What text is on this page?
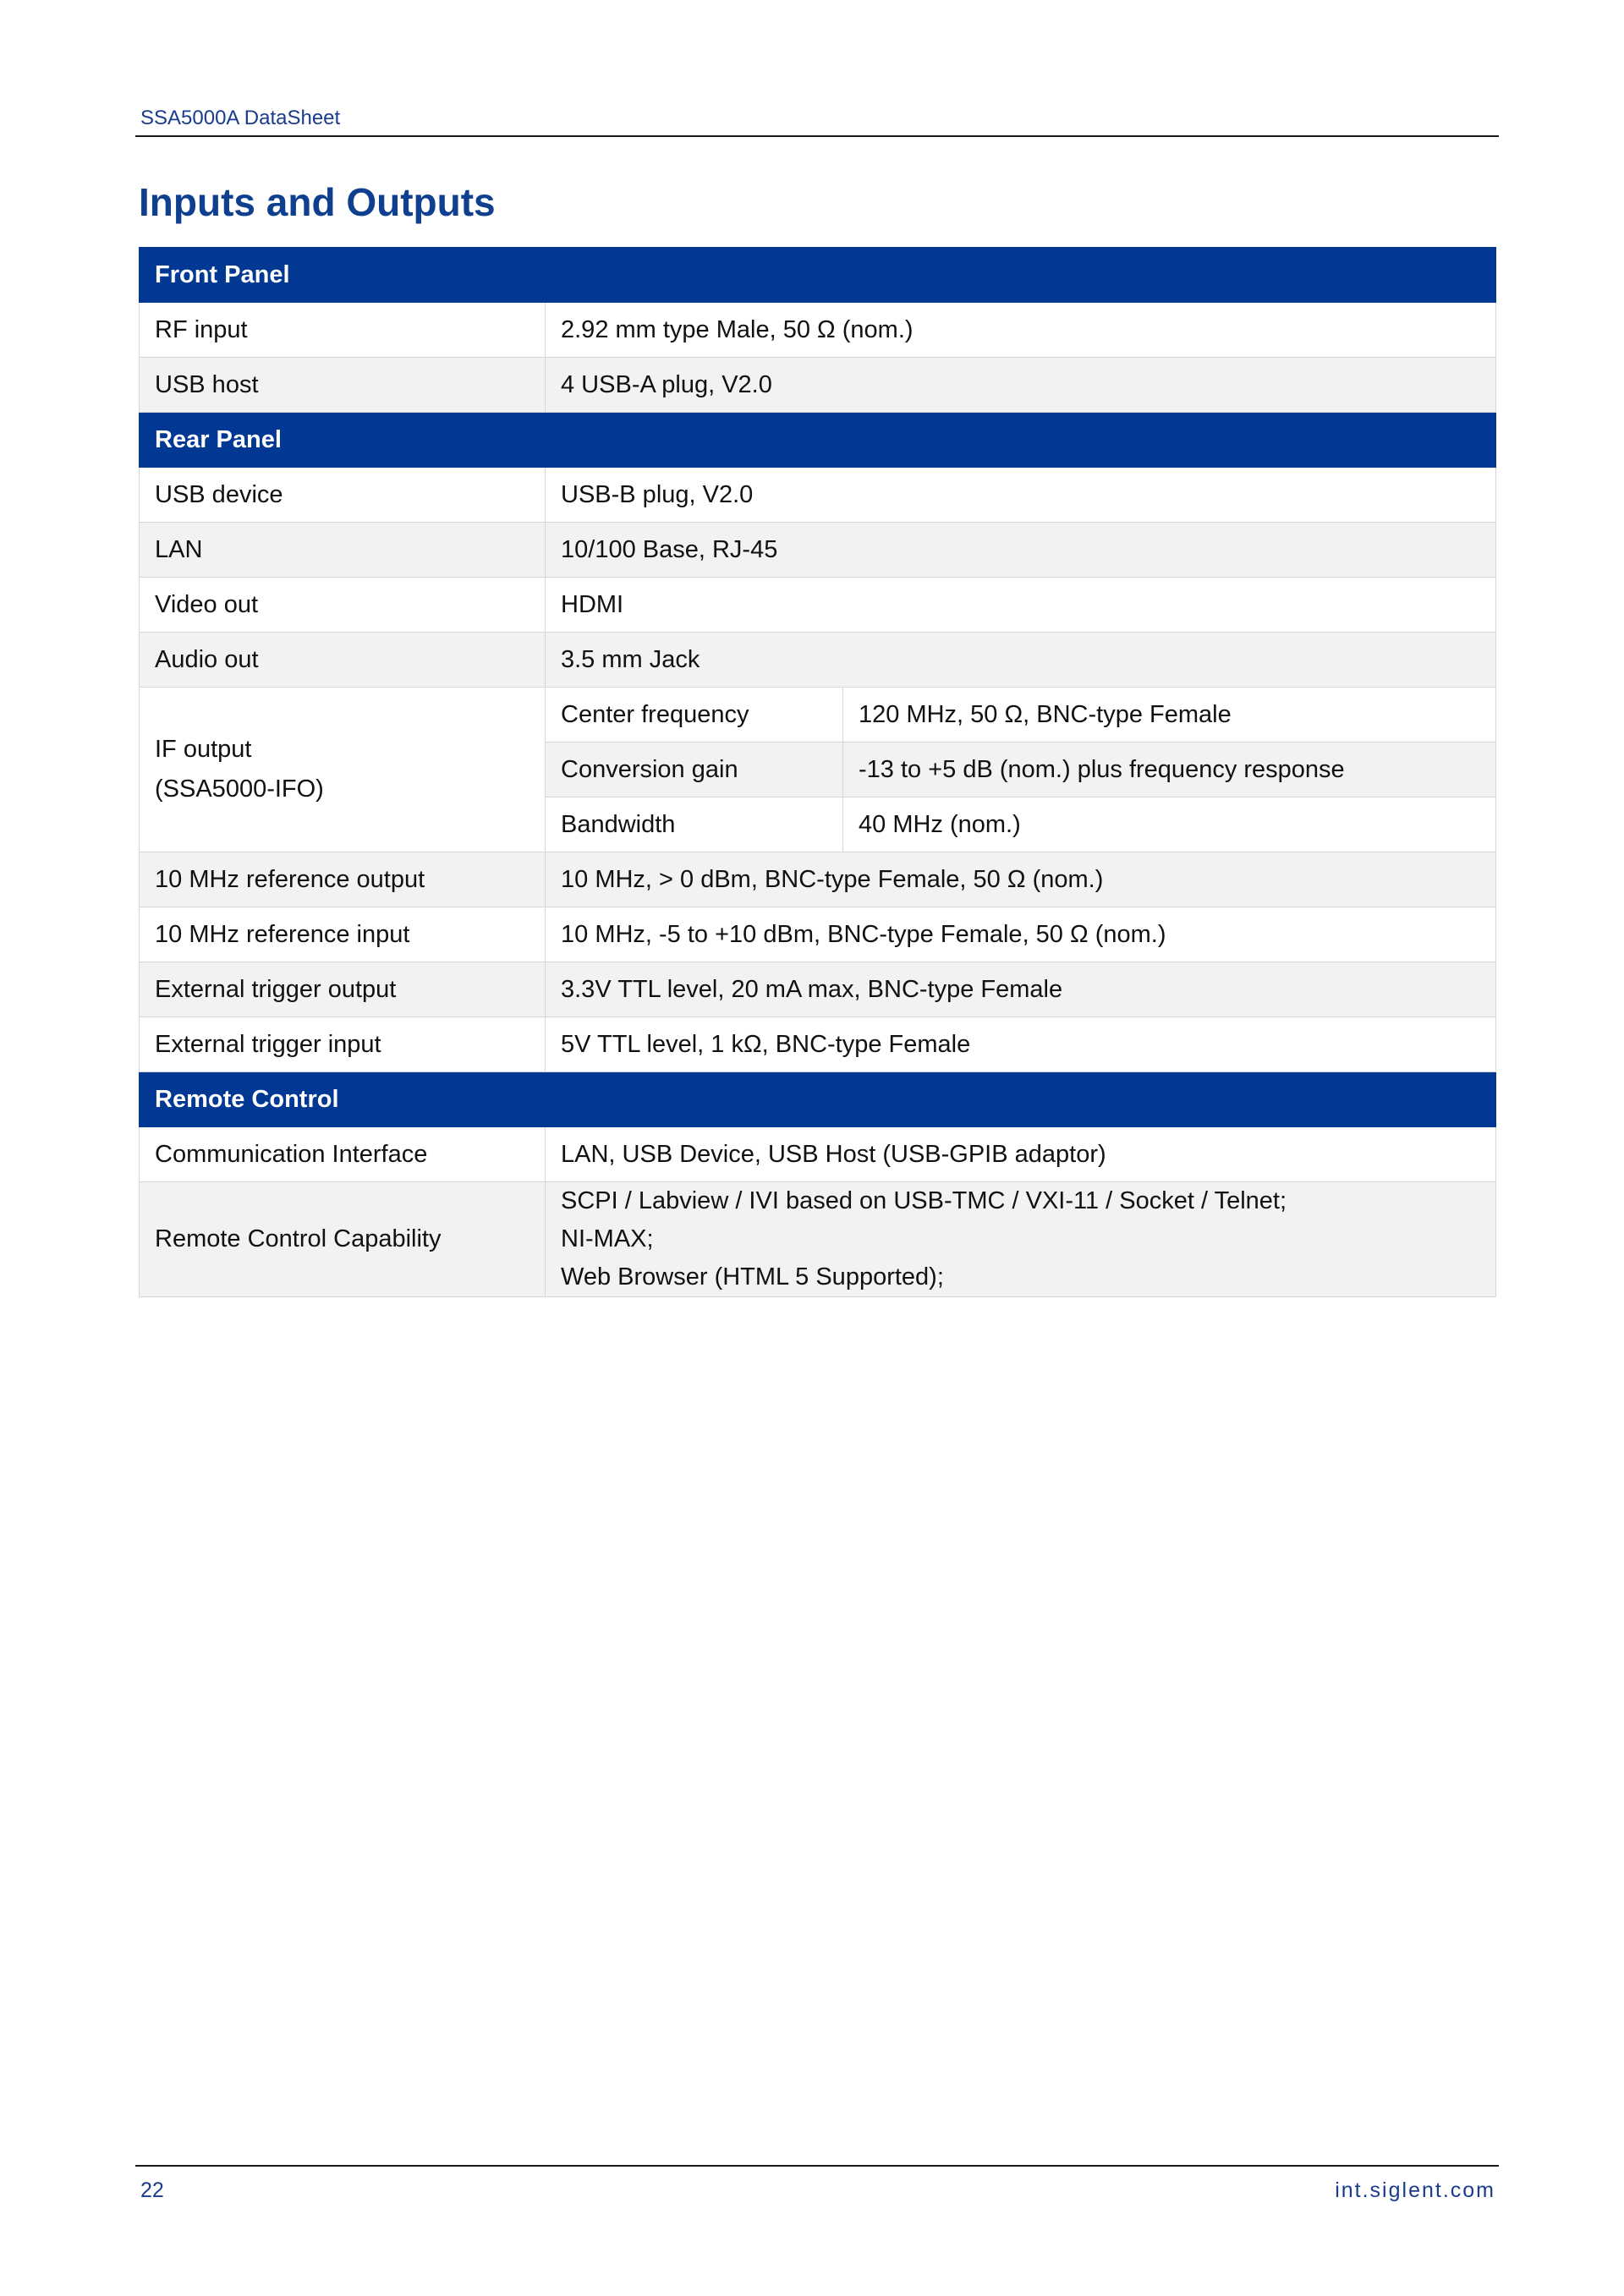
SSA5000A DataSheet
Inputs and Outputs
Front Panel		
RF input	2.92 mm type Male, 50 Ω (nom.)	
USB host	4 USB-A plug, V2.0	
Rear Panel		
USB device	USB-B plug, V2.0	
LAN	10/100 Base, RJ-45	
Video out	HDMI	
Audio out	3.5 mm Jack	
IF output
(SSA5000-IFO)	Center frequency	120 MHz, 50 Ω, BNC-type Female
	Conversion gain	-13 to +5 dB (nom.) plus frequency response
	Bandwidth	40 MHz (nom.)
10 MHz reference output	10 MHz, > 0 dBm, BNC-type Female, 50 Ω (nom.)	
10 MHz reference input	10 MHz, -5 to +10 dBm, BNC-type Female, 50 Ω (nom.)	
External trigger output	3.3V TTL level, 20 mA max, BNC-type Female	
External trigger input	5V TTL level, 1 kΩ, BNC-type Female	
Remote Control		
Communication Interface	LAN, USB Device, USB Host (USB-GPIB adaptor)	
Remote Control Capability	SCPI / Labview / IVI based on USB-TMC / VXI-11 / Socket / Telnet;
NI-MAX;
Web Browser (HTML 5 Supported);	
22	int.siglent.com
